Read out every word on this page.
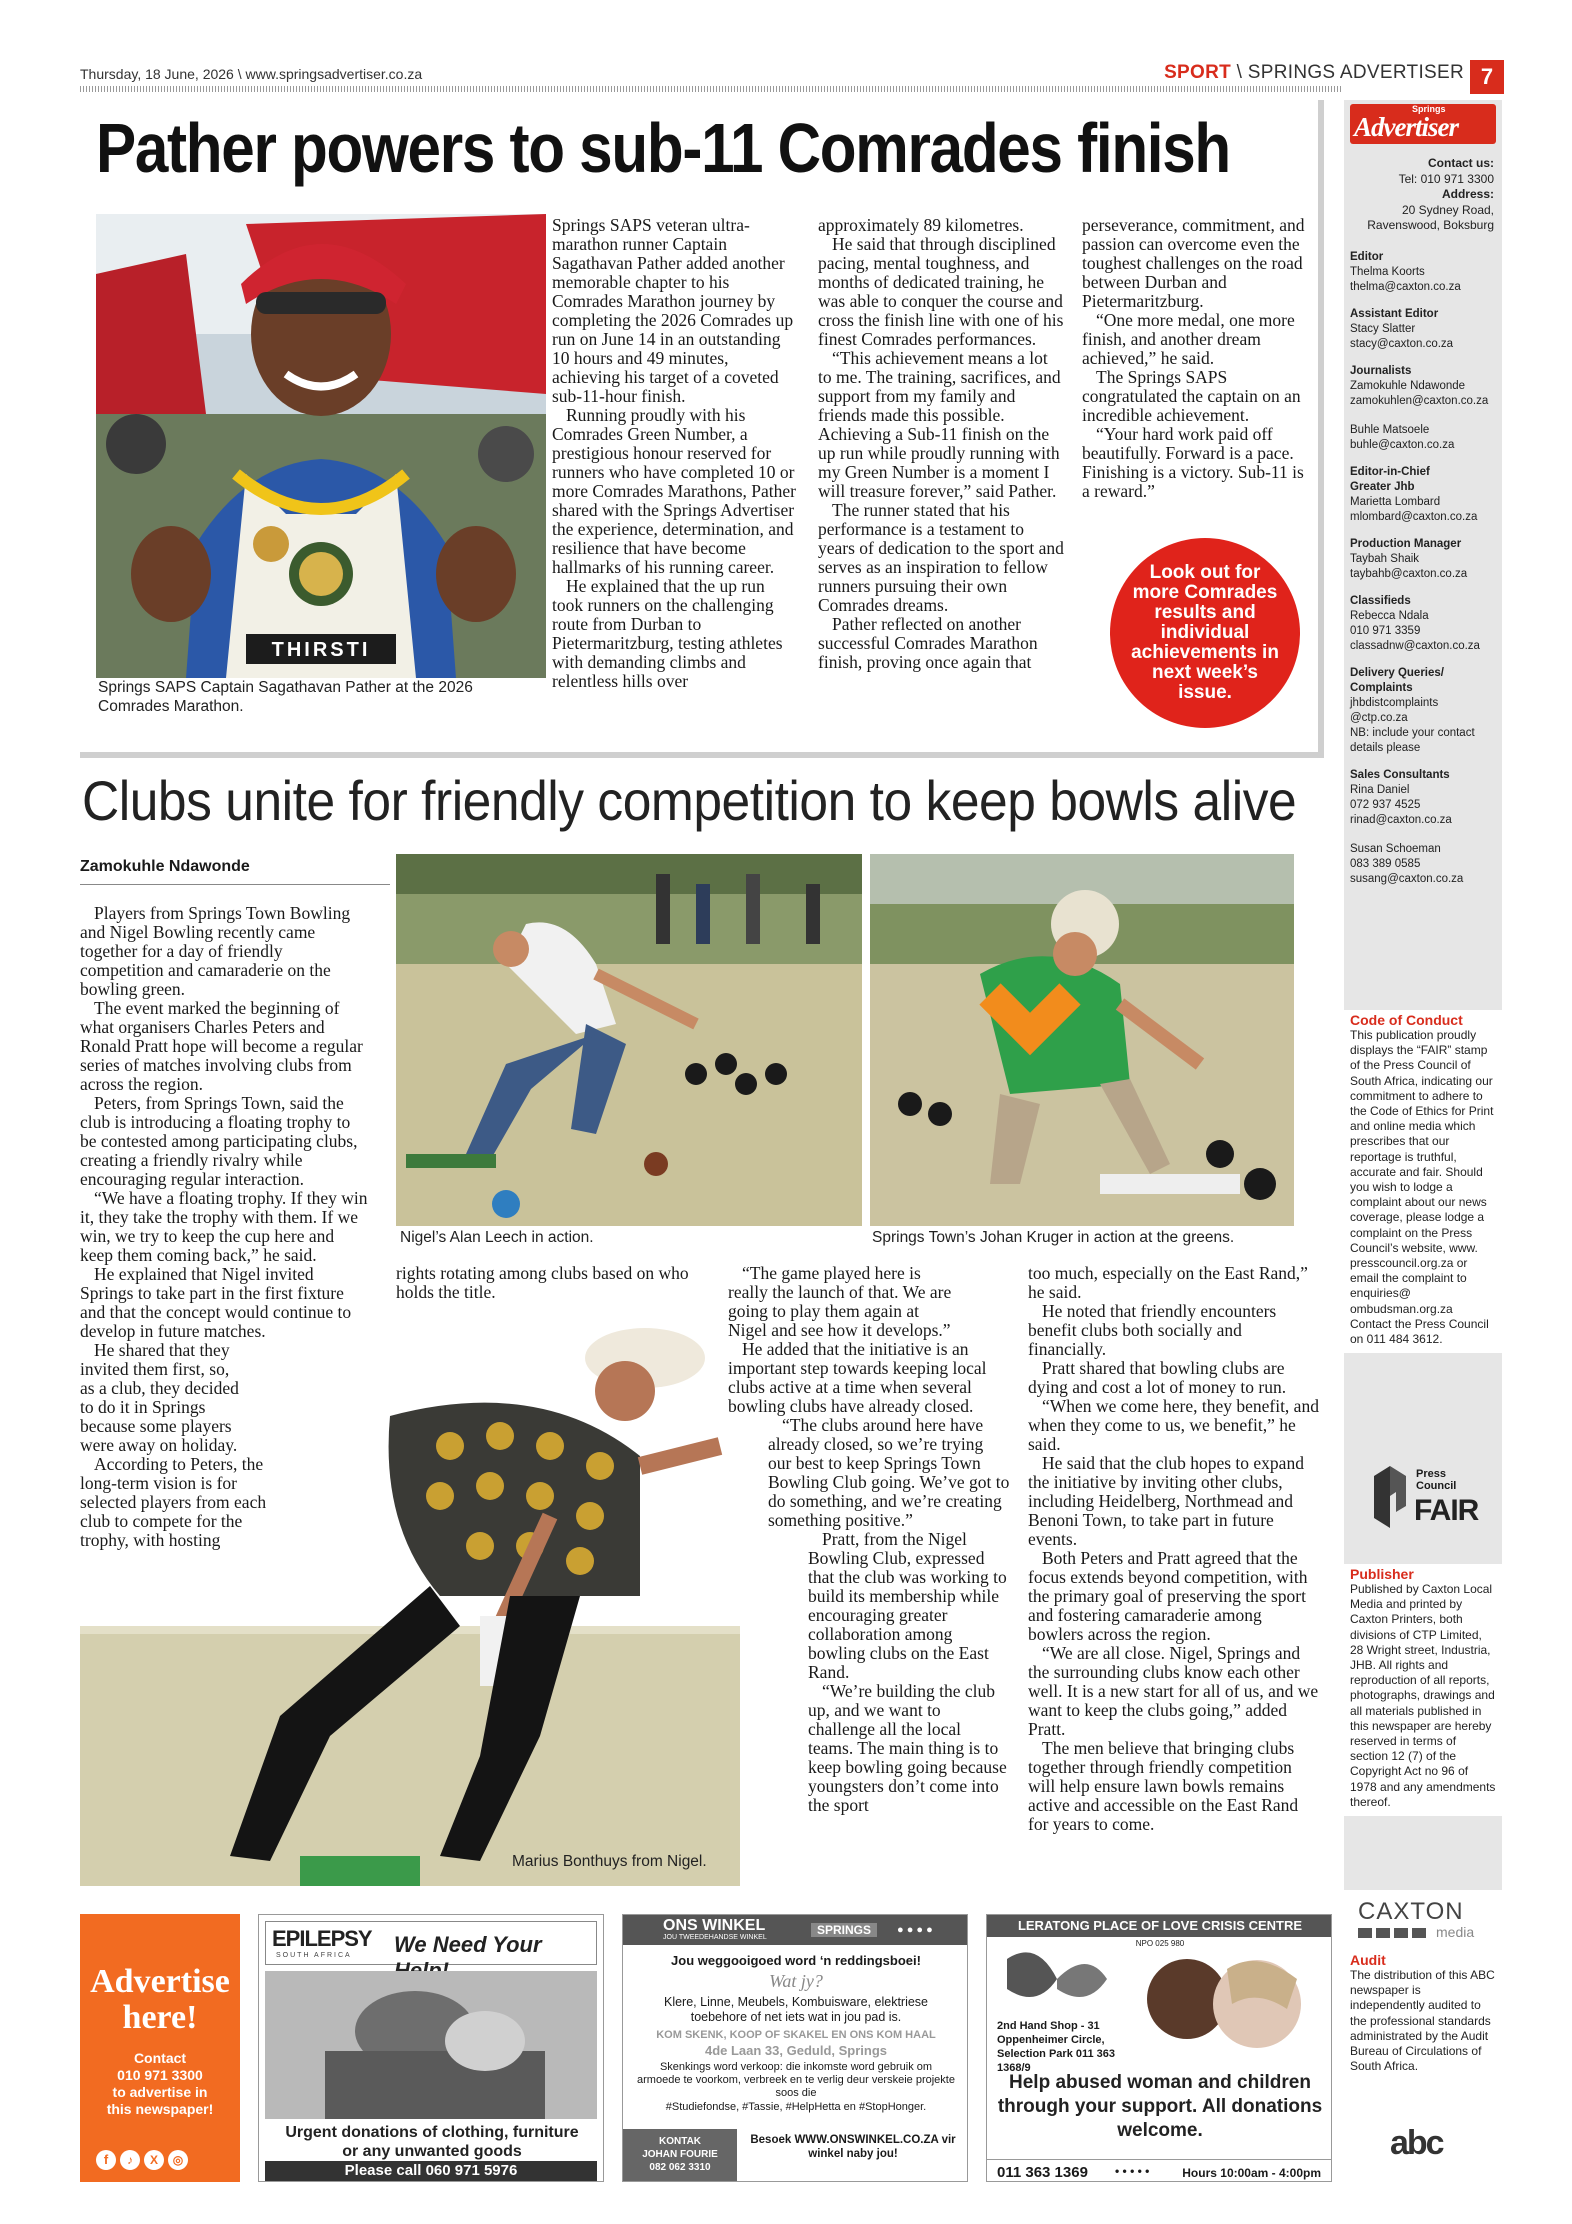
Thursday, 18 June, 2026 \ www.springsadvertiser.co.za	SPORT \ SPRINGS ADVERTISER 7
Pather powers to sub-11 Comrades finish
THIRSTI
Springs SAPS Captain Sagathavan Pather at the 2026 Comrades Marathon.

Springs SAPS veteran ultra-marathon runner Captain Sagathavan Pather added another memorable chapter to his Comrades Marathon journey by completing the 2026 Comrades up run on June 14 in an outstanding 10 hours and 49 minutes, achieving his target of a coveted sub-11-hour finish.

Running proudly with his Comrades Green Number, a prestigious honour reserved for runners who have completed 10 or more Comrades Marathons, Pather shared with the Springs Advertiser the experience, determination, and resilience that have become hallmarks of his running career.

He explained that the up run took runners on the challenging route from Durban to Pietermaritzburg, testing athletes with demanding climbs and relentless hills over

approximately 89 kilometres.

He said that through disciplined pacing, mental toughness, and months of dedicated training, he was able to conquer the course and cross the finish line with one of his finest Comrades performances.

“This achievement means a lot to me. The training, sacrifices, and support from my family and friends made this possible. Achieving a Sub-11 finish on the up run while proudly running with my Green Number is a moment I will treasure forever,” said Pather.

The runner stated that his performance is a testament to years of dedication to the sport and serves as an inspiration to fellow runners pursuing their own Comrades dreams.

Pather reflected on another successful Comrades Marathon finish, proving once again that

perseverance, commitment, and passion can overcome even the toughest challenges on the road between Durban and Pietermaritzburg.

“One more medal, one more finish, and another dream achieved,” he said.

The Springs SAPS congratulated the captain on an incredible achievement.

“Your hard work paid off beautifully. Forward is a pace. Finishing is a victory. Sub-11 is a reward.”

Look out for more Comrades results and individual achievements in next week’s issue.
Clubs unite for friendly competition to keep bowls alive
Zamokuhle Ndawonde
Nigel’s Alan Leech in action.	Springs Town’s Johan Kruger in action at the greens.
Marius Bonthuys from Nigel.

Players from Springs Town Bowling and Nigel Bowling recently came together for a day of friendly competition and camaraderie on the bowling green.

The event marked the beginning of what organisers Charles Peters and Ronald Pratt hope will become a regular series of matches involving clubs from across the region.

Peters, from Springs Town, said the club is introducing a floating trophy to be contested among participating clubs, creating a friendly rivalry while encouraging regular interaction.

“We have a floating trophy. If they win it, they take the trophy with them. If we win, we try to keep the cup here and keep them coming back,” he said.

He explained that Nigel invited Springs to take part in the first fixture and that the concept would continue to develop in future matches.

He shared that they invited them first, so, as a club, they decided to do it in Springs because some players were away on holiday.

According to Peters, the long-term vision is for selected players from each club to compete for the trophy, with hosting

rights rotating among clubs based on who holds the title.

“The game played here is really the launch of that. We are going to play them again at Nigel and see how it develops.”

He added that the initiative is an important step towards keeping local clubs active at a time when several bowling clubs have already closed.

“The clubs around here have already closed, so we’re trying our best to keep Springs Town Bowling Club going. We’ve got to do something, and we’re creating something positive.”

Pratt, from the Nigel Bowling Club, expressed that the club was working to build its membership while encouraging greater collaboration among bowling clubs on the East Rand.

“We’re building the club up, and we want to challenge all the local teams. The main thing is to keep bowling going because youngsters don’t come into the sport

too much, especially on the East Rand,” he said.

He noted that friendly encounters benefit clubs both socially and financially.

Pratt shared that bowling clubs are dying and cost a lot of money to run.

“When we come here, they benefit, and when they come to us, we benefit,” he said.

He said that the club hopes to expand the initiative by inviting other clubs, including Heidelberg, Northmead and Benoni Town, to take part in future events.

Both Peters and Pratt agreed that the focus extends beyond competition, with the primary goal of preserving the sport and fostering camaraderie among bowlers across the region.

“We are all close. Nigel, Springs and the surrounding clubs know each other well. It is a new start for all of us, and we want to keep the clubs going,” added Pratt.

The men believe that bringing clubs together through friendly competition will help ensure lawn bowls remains active and accessible on the East Rand for years to come.

Springs
Advertiser
Contact us:
Tel: 010 971 3300
Address:
20 Sydney Road, Ravenswood, Boksburg
Editor
Thelma Koorts
thelma@caxton.co.za
Assistant Editor
Stacy Slatter
stacy@caxton.co.za
Journalists
Zamokuhle Ndawonde
zamokuhlen@caxton.co.za
Buhle Matsoele
buhle@caxton.co.za
Editor-in-Chief Greater Jhb
Marietta Lombard
mlombard@caxton.co.za
Production Manager
Taybah Shaik
taybahb@caxton.co.za
Classifieds
Rebecca Ndala
010 971 3359
classadnw@caxton.co.za
Delivery Queries/ Complaints
jhbdistcomplaints
@ctp.co.za
NB: include your contact details please
Sales Consultants
Rina Daniel
072 937 4525
rinad@caxton.co.za
Susan Schoeman
083 389 0585
susang@caxton.co.za
Code of Conduct
This publication proudly displays the “FAIR” stamp of the Press Council of South Africa, indicating our commitment to adhere to the Code of Ethics for Print and online media which prescribes that our reportage is truthful, accurate and fair. Should you wish to lodge a complaint about our news coverage, please lodge a complaint on the Press Council’s website, www. presscouncil.org.za or email the complaint to enquiries@ ombudsman.org.za Contact the Press Council on 011 484 3612.
Press Council
FAIR
Publisher
Published by Caxton Local Media and printed by Caxton Printers, both divisions of CTP Limited, 28 Wright street, Industria, JHB. All rights and reproduction of all reports, photographs, drawings and all materials published in this newspaper are hereby reserved in terms of section 12 (7) of the Copyright Act no 96 of 1978 and any amendments thereof.
CAXTON
media
Audit
The distribution of this ABC newspaper is independently audited to the professional standards administrated by the Audit Bureau of Circulations of South Africa.
abc
Advertise here!
Contact
010 971 3300
to advertise in
this newspaper!
f	♪	X	◎
EPILEPSY
SOUTH AFRICA We Need Your
Urgent donations of clothing, furniture or any unwanted goods
Please call 060 971 5976
ONS WINKEL
JOU TWEEDEHANDSE WINKEL
SPRINGS	● ● ● ●
Jou weggooigoed word ‘n reddingsboei!
Wat jy?
Klere, Linne, Meubels, Kombuisware, elektriese toebehore of net iets wat in jou pad is.
KOM SKENK, KOOP OF SKAKEL EN ONS KOM HAAL
4de Laan 33, Geduld, Springs
Skenkings word verkoop: die inkomste word gebruik om armoede te voorkom, verbreek en te verlig deur verskeie projekte soos die
#Studiefondse, #Tassie, #HelpHetta en #StopHonger.
KONTAK
JOHAN FOURIE
082 062 3310
Besoek WWW.ONSWINKEL.CO.ZA vir winkel naby jou!
LERATONG PLACE OF LOVE CRISIS CENTRE
NPO 025 980
2nd Hand Shop - 31 Oppenheimer Circle, Selection Park 011 363 1368/9
Help abused woman and children through your support. All donations welcome.
011 363 1369 • • • • •	Hours 10:00am - 4:00pm
